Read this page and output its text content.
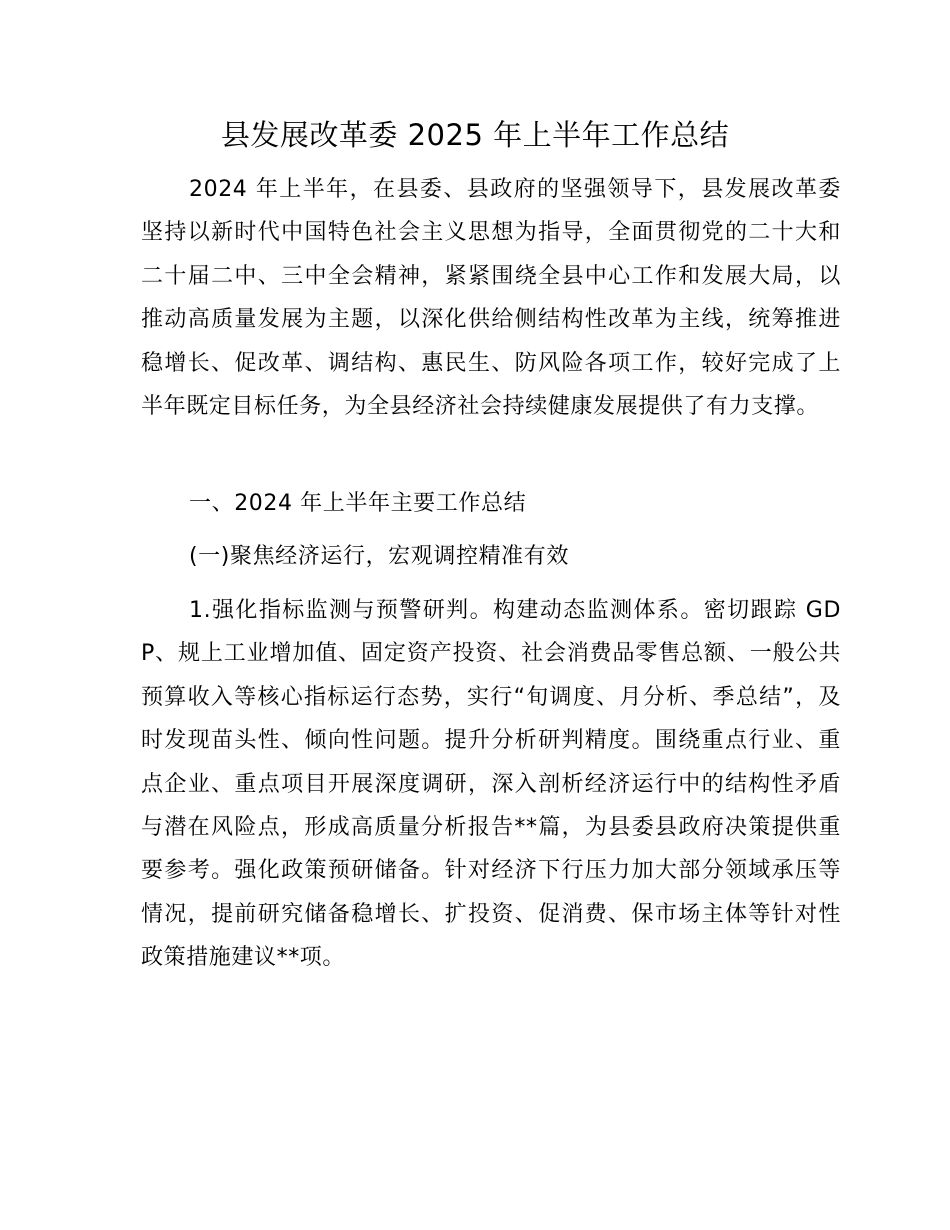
县发展改革委 2025 年上半年工作总结

2024 年上半年，在县委、县政府的坚强领导下，县发展改革委坚持以新时代中国特色社会主义思想为指导，全面贯彻党的二十大和二十届二中、三中全会精神，紧紧围绕全县中心工作和发展大局，以推动高质量发展为主题，以深化供给侧结构性改革为主线，统筹推进稳增长、促改革、调结构、惠民生、防风险各项工作，较好完成了上半年既定目标任务，为全县经济社会持续健康发展提供了有力支撑。

一、2024 年上半年主要工作总结
(一)聚焦经济运行，宏观调控精准有效

1.强化指标监测与预警研判。构建动态监测体系。密切跟踪 GDP、规上工业增加值、固定资产投资、社会消费品零售总额、一般公共预算收入等核心指标运行态势，实行“旬调度、月分析、季总结”，及时发现苗头性、倾向性问题。提升分析研判精度。围绕重点行业、重点企业、重点项目开展深度调研，深入剖析经济运行中的结构性矛盾与潜在风险点，形成高质量分析报告**篇，为县委县政府决策提供重要参考。强化政策预研储备。针对经济下行压力加大部分领域承压等情况，提前研究储备稳增长、扩投资、促消费、保市场主体等针对性政策措施建议**项。
